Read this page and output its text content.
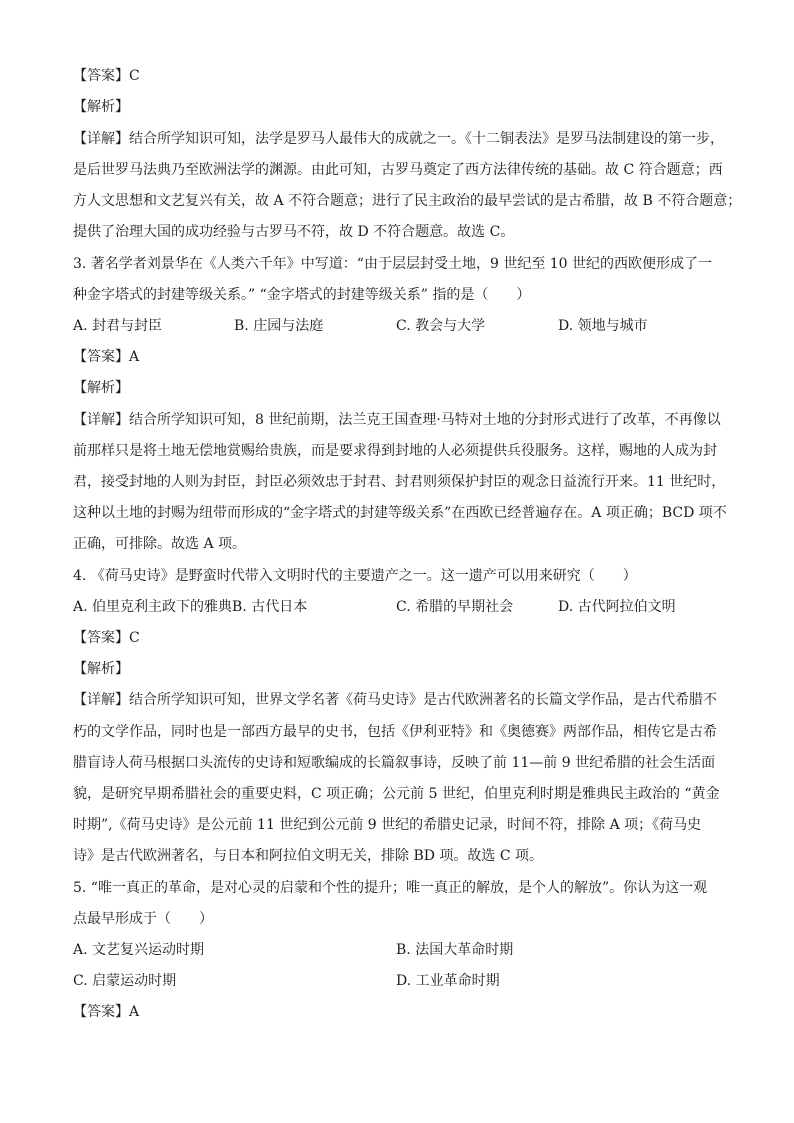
【答案】C
【解析】
【详解】结合所学知识可知，法学是罗马人最伟大的成就之一。《十二铜表法》是罗马法制建设的第一步，
是后世罗马法典乃至欧洲法学的渊源。由此可知，古罗马奠定了西方法律传统的基础。故 C 符合题意；西
方人文思想和文艺复兴有关，故 A 不符合题意；进行了民主政治的最早尝试的是古希腊，故 B 不符合题意；
提供了治理大国的成功经验与古罗马不符，故 D 不符合题意。故选 C。
3. 著名学者刘景华在《人类六千年》中写道：“由于层层封受土地，9 世纪至 10 世纪的西欧便形成了一
种金字塔式的封建等级关系。” “金字塔式的封建等级关系” 指的是（　　）
A. 封君与封臣	B. 庄园与法庭	C. 教会与大学	D. 领地与城市
【答案】A
【解析】
【详解】结合所学知识可知，8 世纪前期，法兰克王国查理·马特对土地的分封形式进行了改革，不再像以
前那样只是将土地无偿地赏赐给贵族，而是要求得到封地的人必须提供兵役服务。这样，赐地的人成为封
君，接受封地的人则为封臣，封臣必须效忠于封君、封君则须保护封臣的观念日益流行开来。11 世纪时，
这种以土地的封赐为纽带而形成的“金字塔式的封建等级关系”在西欧已经普遍存在。A 项正确；BCD 项不
正确，可排除。故选 A 项。
4. 《荷马史诗》是野蛮时代带入文明时代的主要遗产之一。这一遗产可以用来研究（　　）
A. 伯里克利主政下的雅典B. 古代日本	C. 希腊的早期社会	D. 古代阿拉伯文明
【答案】C
【解析】
【详解】结合所学知识可知，世界文学名著《荷马史诗》是古代欧洲著名的长篇文学作品，是古代希腊不
朽的文学作品，同时也是一部西方最早的史书，包括《伊利亚特》和《奥德赛》两部作品，相传它是古希
腊盲诗人荷马根据口头流传的史诗和短歌编成的长篇叙事诗，反映了前 11—前 9 世纪希腊的社会生活面
貌，是研究早期希腊社会的重要史料，C 项正确；公元前 5 世纪，伯里克利时期是雅典民主政治的 “黄金
时期”,《荷马史诗》是公元前 11 世纪到公元前 9 世纪的希腊史记录，时间不符，排除 A 项；《荷马史
诗》是古代欧洲著名，与日本和阿拉伯文明无关，排除 BD 项。故选 C 项。
5. “唯一真正的革命，是对心灵的启蒙和个性的提升；唯一真正的解放，是个人的解放”。你认为这一观
点最早形成于（　　）
A. 文艺复兴运动时期	B. 法国大革命时期
C. 启蒙运动时期	D. 工业革命时期
【答案】A
